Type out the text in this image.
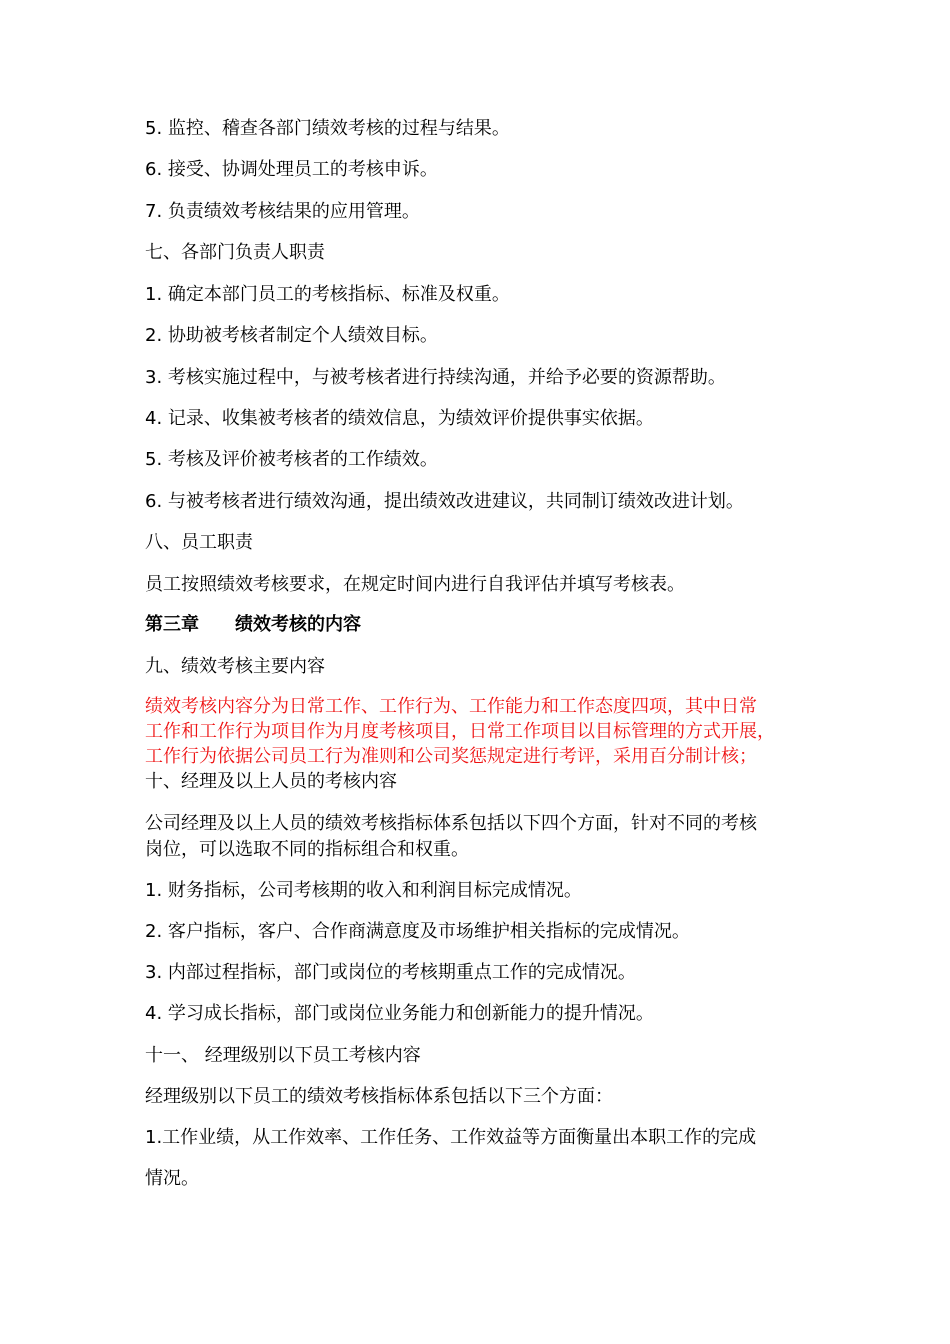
5. 监控、稽查各部门绩效考核的过程与结果。
6. 接受、协调处理员工的考核申诉。
7. 负责绩效考核结果的应用管理。
七、各部门负责人职责
1. 确定本部门员工的考核指标、标准及权重。
2. 协助被考核者制定个人绩效目标。
3. 考核实施过程中，与被考核者进行持续沟通，并给予必要的资源帮助。
4. 记录、收集被考核者的绩效信息，为绩效评价提供事实依据。
5. 考核及评价被考核者的工作绩效。
6. 与被考核者进行绩效沟通，提出绩效改进建议，共同制订绩效改进计划。
八、员工职责
员工按照绩效考核要求，在规定时间内进行自我评估并填写考核表。
第三章 绩效考核的内容
九、绩效考核主要内容
绩效考核内容分为日常工作、工作行为、工作能力和工作态度四项，其中日常
工作和工作行为项目作为月度考核项目，日常工作项目以目标管理的方式开展，
工作行为依据公司员工行为准则和公司奖惩规定进行考评，采用百分制计核；
十、经理及以上人员的考核内容
公司经理及以上人员的绩效考核指标体系包括以下四个方面，针对不同的考核
岗位，可以选取不同的指标组合和权重。
1. 财务指标，公司考核期的收入和利润目标完成情况。
2. 客户指标，客户、合作商满意度及市场维护相关指标的完成情况。
3. 内部过程指标，部门或岗位的考核期重点工作的完成情况。
4. 学习成长指标，部门或岗位业务能力和创新能力的提升情况。
十一、 经理级别以下员工考核内容
经理级别以下员工的绩效考核指标体系包括以下三个方面：
1.工作业绩，从工作效率、工作任务、工作效益等方面衡量出本职工作的完成
情况。
